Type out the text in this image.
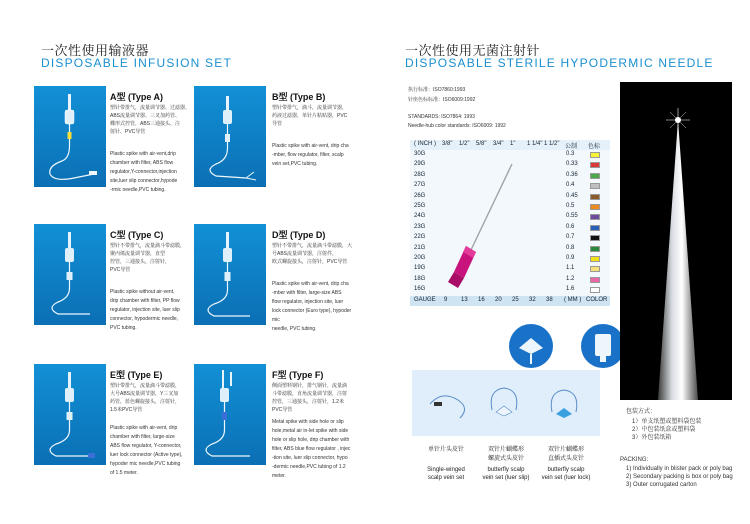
一次性使用输液器
DISPOSABLE INFUSION SET
A型 (Type A)
塑针带排气，流量调节器、过滤器、
ABS流量调节器、三叉加药管、
蝶形式控管，ABS三通接头、注
射针、PVC导管
Plastic spike with air-vent,drip
chamber with filter, ABS flow
regulator,Y-connector,injection
site,luer slip connector,hypode
-rmic needle,PVC tubing.
B型 (Type B)
塑针带排气，滴斗，流量调节器，
药液过滤器，单针片粘贴器，PVC
导管
Plastic spike with air-vent, drip cha
-mber, flow regulator, filter, scalp
vein set,PVC tubing.
C型 (Type C)
塑针不带排气，流量滴斗带滤膜，
聚丙烯流量调节器，直型
控管，三通接头，注射针，
PVC导管
Plastic spike without air-vent,
drip chamber with filter, PP flow
regulator, injection site, luer slip
connector, hypodermic needle,
PVC tubing.
D型 (Type D)
塑针不带排气，流量滴斗带滤膜，大
号ABS流量调节器，注射件，
欧式螺旋接头，注射针，PVC导管
Plastic spike with air-vent, drip cha
-mber with filter, large-size ABS
flow regulator, injection site, luer
lock connector (Euro type), hypoder mic
needle, PVC tubing.
E型 (Type E)
塑针带排气，流量滴斗带滤膜，
大号ABS流量调节器，Y三叉加
药管，蓝色螺旋接头，注射针，
1.5米PVC导管
Plastic spike with air-vent, drip
chamber with filter, large-size
ABS flow regulator, Y-connector,
luer lock connector (Active type),
hypoder mic needle,PVC tubing
of 1.5 meter.
F型 (Type F)
侧面塑料钢针，排气钢针，流量滴
斗带滤膜，直角流量调节器，注射
控管，三通接头，注射针，1.2米
PVC导管
Metal spike with side hole or slip
hole,metal air in-let spike with side
hole or slip hole, drip chamber with
filter, ABS blue flow regulator , injec
-tion site, luer slip connector, hypo
-dermic needle,PVC tubing of 1.2
meter.
一次性使用无菌注射针
DISPOSABLE STERILE HYPODERMIC NEEDLE
执行标准：ISO7860:1993
针座色标标准：ISO6009:1992
STANDARDS: ISO7864: 1993
Needle-hub color standards: ISO6009: 1992
( INCH ) 3/8" 1/2" 5/8" 3/4" 1" 1 1/4" 1 1/2" 公制 色标
30G	0.3
29G	0.33
28G	0.36
27G	0.4
26G	0.45
25G	0.5
24G	0.55
23G	0.6
22G	0.7
21G	0.8
20G	0.9
19G	1.1
18G	1.2
16G	1.6
GAUGE 9 13 16 20 25 32 38 ( MM ) COLOR
单针片头皮针
Single-winged
scalp vein set
双针片蝴蝶形
螺旋式头皮针
butterfly scalp
vein set (luer slip)
双针片蝴蝶形
直插式头皮针
butterfly scalp
vein set (luer lock)
包装方式：
1）单支纸塑或塑料袋包装
2）中包装纸盒或塑料袋
3）外包装纸箱
PACKING:
1) Individually in blister pack or poly bag
2) Secondary packing is box or poly bag
3) Outer corrugated carton
